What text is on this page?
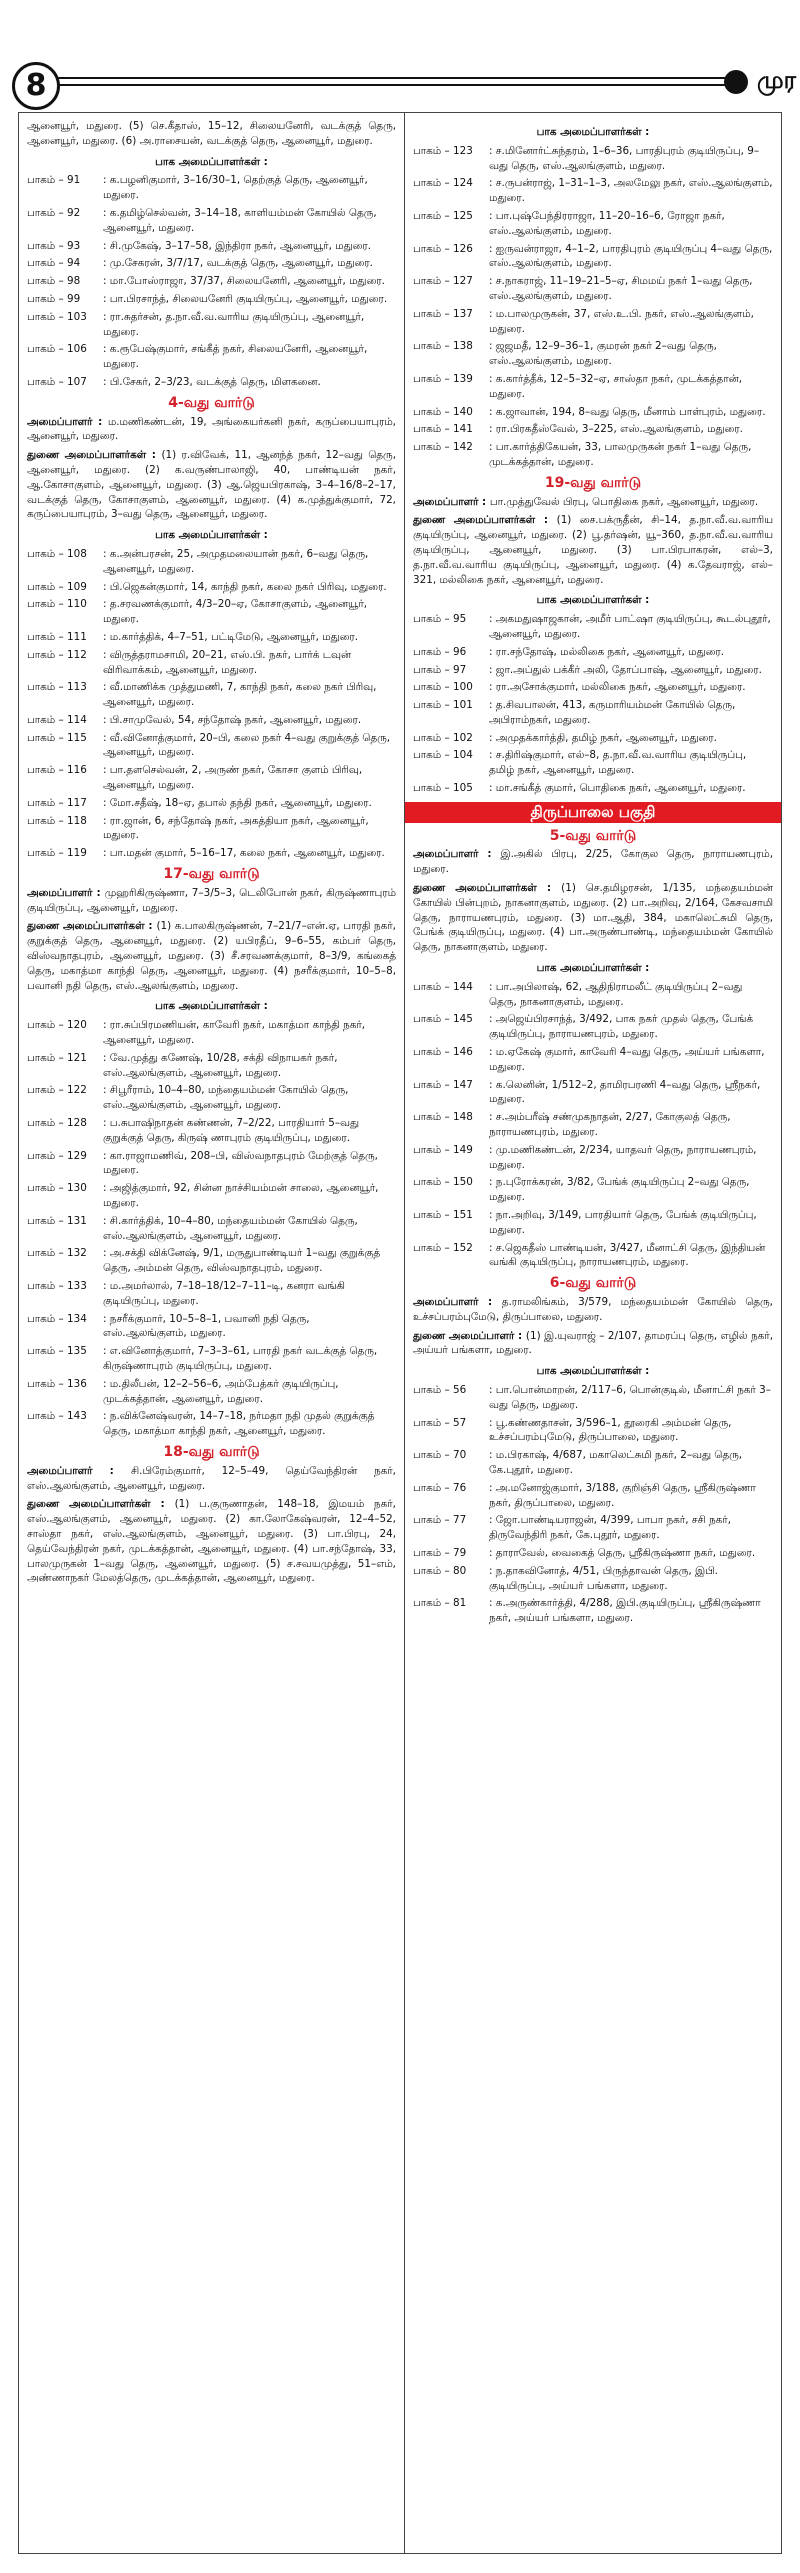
8	முர

ஆனையூர், மதுரை. (5) செ.கீதாஸ், 15–12, சிலையனேரி, வடக்குத் தெரு, ஆனையூர், மதுரை. (6) அ.ராசையன், வடக்குத் தெரு, ஆனையூர், மதுரை.

பாக அமைப்பாளர்கள் :
பாகம் – 91	: க.பழனிகுமார், 3–16/30–1, தெற்குத் தெரு, ஆனையூர், மதுரை.
பாகம் – 92	: க.தமிழ்செல்வன், 3–14–18, காளியம்மன் கோயில் தெரு, ஆனையூர், மதுரை.
பாகம் – 93	: சி.முகேஷ், 3–17–58, இந்திரா நகர், ஆனையூர், மதுரை.
பாகம் – 94	: மு.சேகரன், 3/7/17, வடக்குத் தெரு, ஆனையூர், மதுரை.
பாகம் – 98	: மா.போஸ்ராஜா, 37/37, சிலையனேரி, ஆனையூர், மதுரை.
பாகம் – 99	: பா.பிரசாந்த், சிலையனேரி குடியிருப்பு, ஆனையூர், மதுரை.
பாகம் – 103	: ரா.சுதர்சன், த.நா.வீ.வ.வாரிய குடியிருப்பு, ஆனையூர், மதுரை.
பாகம் – 106	: க.ரூபேஷ்குமார், சங்கீத் நகர், சிலையனேரி, ஆனையூர், மதுரை.
பாகம் – 107	: பி.சேகர், 2–3/23, வடக்குத் தெரு, மிளகனை.
4-வது வார்டு

அமைப்பாளர் : ம.மணிகண்டன், 19, அங்கையர்கனி நகர், கருப்பையாபுரம், ஆனையூர், மதுரை.

துணை அமைப்பாளர்கள் : (1) ர.விவேக், 11, ஆனந்த் நகர், 12–வது தெரு, ஆனையூர், மதுரை. (2) க.வருண்பாலாஜி, 40, பாண்டியன் நகர், ஆ.கோசாகுளம், ஆனையூர், மதுரை. (3) ஆ.ஜெயபிரகாஷ், 3–4–16/8–2–17, வடக்குத் தெரு, கோசாகுளம், ஆனையூர், மதுரை. (4) க.முத்துக்குமார், 72, கருப்பையாபுரம், 3–வது தெரு, ஆனையூர், மதுரை.

பாக அமைப்பாளர்கள் :
பாகம் – 108	: க.அன்பரசன், 25, அமுதமலையான் நகர், 6–வது தெரு, ஆனையூர், மதுரை.
பாகம் – 109	: பி.ஜெகன்குமார், 14, காந்தி நகர், கலை நகர் பிரிவு, மதுரை.
பாகம் – 110	: த.சரவணக்குமார், 4/3–20–ஏ, கோசாகுளம், ஆனையூர், மதுரை.
பாகம் – 111	: ம.கார்த்திக், 4–7–51, பட்டிமேடு, ஆனையூர், மதுரை.
பாகம் – 112	: விருத்தராமசாமி, 20–21, எஸ்.பி. நகர், பார்க் டவுன் விரிவாக்கம், ஆனையூர், மதுரை.
பாகம் – 113	: வீ.மாணிக்க முத்துமணி, 7, காந்தி நகர், கலை நகர் பிரிவு, ஆனையூர், மதுரை.
பாகம் – 114	: பி.சாமுவேல், 54, சந்தோஷ் நகர், ஆனையூர், மதுரை.
பாகம் – 115	: வீ.வினோத்குமார், 20–பி, கலை நகர் 4–வது குறுக்குத் தெரு, ஆனையூர், மதுரை.
பாகம் – 116	: பா.தளசெல்வன், 2, அருண் நகர், கோசா குளம் பிரிவு, ஆனையூர், மதுரை.
பாகம் – 117	: மோ.சதீஷ், 18–ஏ, தபால் தந்தி நகர், ஆனையூர், மதுரை.
பாகம் – 118	: ரா.ஜான், 6, சந்தோஷ் நகர், அகத்தியா நகர், ஆனையூர், மதுரை.
பாகம் – 119	: பா.மதன் குமார், 5–16–17, கலை நகர், ஆனையூர், மதுரை.
17-வது வார்டு

அமைப்பாளர் : முஹரிகிருஷ்ணா, 7–3/5–3, டெலிபோன் நகர், கிருஷ்ணாபுரம் குடியிருப்பு, ஆனையூர், மதுரை.

துணை அமைப்பாளர்கள் : (1) க.பாலகிருஷ்ணன், 7–21/7–என்.ஏ, பாரதி நகர், குறுக்குத் தெரு, ஆனையூர், மதுரை. (2) யபிரதீப், 9–6–55, கம்பர் தெரு, விஸ்வநாதபுரம், ஆனையூர், மதுரை. (3) சீ.சரவணக்குமார், 8–3/9, கங்கைத் தெரு, மகாத்மா காந்தி தெரு, ஆனையூர், மதுரை. (4) நசரீக்குமார், 10–5–8, பவானி நதி தெரு, எஸ்.ஆலங்குளம், மதுரை.

பாக அமைப்பாளர்கள் :
பாகம் – 120	: ரா.சுப்பிரமணியன், காவேரி நகர், மகாத்மா காந்தி நகர், ஆனையூர், மதுரை.
பாகம் – 121	: வே.முத்து கணேஷ், 10/28, சக்தி விநாயகர் நகர், எஸ்.ஆலங்குளம், ஆனையூர், மதுரை.
பாகம் – 122	: சிபூரீராம், 10–4–80, மந்தையம்மன் கோயில் தெரு, எஸ்.ஆலங்குளம், ஆனையூர், மதுரை.
பாகம் – 128	: ப.சுபாஷிநாதன் கண்ணன், 7–2/22, பாரதியார் 5–வது குறுக்குத் தெரு, கிருஷ் ணாபுரம் குடியிருப்பு, மதுரை.
பாகம் – 129	: கா.ராஜாமணிவ், 208–பி, விஸ்வநாதபுரம் மேற்குத் தெரு, மதுரை.
பாகம் – 130	: அஜித்குமார், 92, சின்ன நாச்சியம்மன் சாலை, ஆனையூர், மதுரை.
பாகம் – 131	: சி.கார்த்திக், 10–4–80, மந்தையம்மன் கோயில் தெரு, எஸ்.ஆலங்குளம், ஆனையூர், மதுரை.
பாகம் – 132	: அ.சக்தி விக்னேஷ், 9/1, மருதுபாண்டியர் 1–வது குறுக்குத் தெரு, அம்மன் தெரு, விஸ்வநாதபுரம், மதுரை.
பாகம் – 133	: ம.அமர்லால், 7–18–18/12–7–11–டி, கனரா வங்கி குடியிருப்பு, மதுரை.
பாகம் – 134	: நசரீக்குமார், 10–5–8–1, பவானி நதி தெரு, எஸ்.ஆலங்குளம், மதுரை.
பாகம் – 135	: எ.வினோத்குமார், 7–3–3–61, பாரதி நகர் வடக்குத் தெரு, கிருஷ்ணாபுரம் குடியிருப்பு, மதுரை.
பாகம் – 136	: ம.திலீபன், 12–2–56–6, அம்பேத்கர் குடியிருப்பு, முடக்கத்தான், ஆனையூர், மதுரை.
பாகம் – 143	: ந.விக்னேஷ்வரன், 14–7–18, நர்மதா நதி முதல் குறுக்குத் தெரு, மகாத்மா காந்தி நகர், ஆனையூர், மதுரை.
18-வது வார்டு

அமைப்பாளர் : சி.பிரேம்குமார், 12–5–49, தெய்வேந்திரன் நகர், எஸ்.ஆலங்குளம், ஆனையூர், மதுரை.

துணை அமைப்பாளர்கள் : (1) ப.குருணாதன், 148–18, இமயம் நகர், எஸ்.ஆலங்குளம், ஆனையூர், மதுரை. (2) கா.லோகேஷ்வரன், 12–4–52, சாஸ்தா நகர், எஸ்.ஆலங்குளம், ஆனையூர், மதுரை. (3) பா.பிரபு, 24, தெய்வேந்திரன் நகர், முடக்கத்தான், ஆனையூர், மதுரை. (4) பா.சந்தோஷ், 33, பாலமுருகன் 1–வது தெரு, ஆனையூர், மதுரை. (5) ச.சவயமுத்து, 51–எம், அண்ணாநகர் மேலத்தெரு, முடக்கத்தான், ஆனையூர், மதுரை.

பாக அமைப்பாளர்கள் :
பாகம் – 123	: ச.மினோர்ட்சுந்தரம், 1–6–36, பாரதிபுரம் குடியிருப்பு, 9–வது தெரு, எஸ்.ஆலங்குளம், மதுரை.
பாகம் – 124	: ச.ருபன்ராஜ், 1–31–1–3, அலமேலு நகர், எஸ்.ஆலங்குளம், மதுரை.
பாகம் – 125	: பா.புஷ்பேந்திரராஜா, 11–20–16–6, ரோஜா நகர், எஸ்.ஆலங்குளம், மதுரை.
பாகம் – 126	: ஐருவன்ராஜா, 4–1–2, பாரதிபுரம் குடியிருப்பு 4–வது தெரு, எஸ்.ஆலங்குளம், மதுரை.
பாகம் – 127	: ச.நாகராஜ், 11–19–21–5–ஏ, சிமமய் நகர் 1–வது தெரு, எஸ்.ஆலங்குளம், மதுரை.
பாகம் – 137	: ம.பாலமுருகன், 37, எஸ்.உ.பி. நகர், எஸ்.ஆலங்குளம், மதுரை.
பாகம் – 138	: ஜஜமதீ, 12–9–36–1, குமரன் நகர் 2–வது தெரு, எஸ்.ஆலங்குளம், மதுரை.
பாகம் – 139	: க.கார்த்தீக், 12–5–32–ஏ, சாஸ்தா நகர், முடக்கத்தான், மதுரை.
பாகம் – 140	: க.ஜாவான், 194, 8–வது தெரு, மீனாம் பாள்புரம், மதுரை.
பாகம் – 141	: ரா.பிரகதீஸ்வேல், 3–225, எஸ்.ஆலங்குளம், மதுரை.
பாகம் – 142	: பா.கார்த்திகேயன், 33, பாலமுருகன் நகர் 1–வது தெரு, முடக்கத்தான், மதுரை.
19-வது வார்டு

அமைப்பாளர் : பா.முத்துவேல் பிரபு, பொதிகை நகர், ஆனையூர், மதுரை.

துணை அமைப்பாளர்கள் : (1) சை.பக்ருதீன், சி–14, த.நா.வீ.வ.வாரிய குடியிருப்பு, ஆனையூர், மதுரை. (2) பூ.தர்ஷன், யூ–360, த.நா.வீ.வ.வாரிய குடியிருப்பு, ஆனையூர், மதுரை. (3) பா.பிரபாகரன், எல்–3, த.நா.வீ.வ.வாரிய குடியிருப்பு, ஆனையூர், மதுரை. (4) க.தேவராஜ், எல்–321, மல்லிகை நகர், ஆனையூர், மதுரை.

பாக அமைப்பாளர்கள் :
பாகம் – 95	: அகமதுஷாஜகான், அமீர் பாட்ஷா குடியிருப்பு, கூடல்புதூர், ஆனையூர், மதுரை.
பாகம் – 96	: ரா.சந்தோஷ், மல்லிகை நகர், ஆனையூர், மதுரை.
பாகம் – 97	: ஜா.அப்துல் பக்கீர் அலி, தோப்பாஷ், ஆனையூர், மதுரை.
பாகம் – 100	: ரா.அசோக்குமார், மல்லிகை நகர், ஆனையூர், மதுரை.
பாகம் – 101	: த.சிவபாலன், 413, கருமாரியம்மன் கோயில் தெரு, அபிராம்நகர், மதுரை.
பாகம் – 102	: அமுதக்கார்த்தி, தமிழ் நகர், ஆனையூர், மதுரை.
பாகம் – 104	: ச.திரிஷ்குமார், எல்–8, த.நா.வீ.வ.வாரிய குடியிருப்பு, தமிழ் நகர், ஆனையூர், மதுரை.
பாகம் – 105	: மா.சங்கீத் குமார், பொதிகை நகர், ஆனையூர், மதுரை.
திருப்பாலை பகுதி
5-வது வார்டு

அமைப்பாளர் : இ.அகில் பிரபு, 2/25, கோகுல தெரு, நாராயணபுரம், மதுரை.

துணை அமைப்பாளர்கள் : (1) செ.தமிழரசன், 1/135, மந்தையம்மன் கோயில் பின்புறம், நாகனாகுளம், மதுரை. (2) பா.அறிவு, 2/164, கேசவசாமி தெரு, நாராயணபுரம், மதுரை. (3) மா.ஆதி, 384, மகாலெட்சுமி தெரு, பேங்க் குடியிருப்பு, மதுரை. (4) பா.அருண்பாண்டி, மந்தையம்மன் கோயில் தெரு, நாகனாகுளம், மதுரை.

பாக அமைப்பாளர்கள் :
பாகம் – 144	: பா.அபிலாஷ், 62, ஆதிநிராமலீட் குடியிருப்பு 2–வது தெரு, நாகனாகுளம், மதுரை.
பாகம் – 145	: அஜெய்பிரசாந்த், 3/492, பாக நகர் முதல் தெரு, பேங்க் குடியிருப்பு, நாராயணபுரம், மதுரை.
பாகம் – 146	: ம.ஏகேஷ் குமார், காவேரி 4–வது தெரு, அய்யர் பங்களா, மதுரை.
பாகம் – 147	: க.லெனின், 1/512–2, தாமிரபரணி 4–வது தெரு, ஸ்ரீநகர், மதுரை.
பாகம் – 148	: ச.அம்பரீஷ் சண்முகநாதன், 2/27, கோகுலத் தெரு, நாராயணபுரம், மதுரை.
பாகம் – 149	: மு.மணிகண்டன், 2/234, யாதவர் தெரு, நாராயணபுரம், மதுரை.
பாகம் – 150	: ந.புரோக்கரன், 3/82, பேங்க் குடியிருப்பு 2–வது தெரு, மதுரை.
பாகம் – 151	: நா.அறிவு, 3/149, பாரதியார் தெரு, பேங்க் குடியிருப்பு, மதுரை.
பாகம் – 152	: ச.ஜெகதீஸ் பாண்டியன், 3/427, மீனாட்சி தெரு, இந்தியன் வங்கி குடியிருப்பு, நாராயணபுரம், மதுரை.
6-வது வார்டு

அமைப்பாளர் : த.ராமலிங்கம், 3/579, மந்தையம்மன் கோயில் தெரு, உச்சப்பரம்புமேடு, திருப்பாலை, மதுரை.

துணை அமைப்பாளர் : (1) இ.யுவராஜ் – 2/107, தாமரப்பு தெரு, எழில் நகர், அய்யர் பங்களா, மதுரை.

பாக அமைப்பாளர்கள் :
பாகம் – 56	: பா.பொன்மாறன், 2/117–6, பொன்குடில், மீனாட்சி நகர் 3–வது தெரு, மதுரை.
பாகம் – 57	: பூ.கண்ணதாசன், 3/596–1, தூரைகி அம்மன் தெரு, உச்சப்பரம்புமேடு, திருப்பாலை, மதுரை.
பாகம் – 70	: ம.பிரகாஷ், 4/687, மகாலெட்சுமி நகர், 2–வது தெரு, கே.புதூர், மதுரை.
பாகம் – 76	: அ.மனோஜ்குமார், 3/188, குறிஞ்சி தெரு, ஸ்ரீகிருஷ்ணா நகர், திருப்பாலை, மதுரை.
பாகம் – 77	: ஜோ.பாண்டியராஜன், 4/399, பாபா நகர், சசி நகர், திருவேந்திரி நகர், கே.புதூர், மதுரை.
பாகம் – 79	: தாராவேல், வைகைத் தெரு, ஸ்ரீகிருஷ்ணா நகர், மதுரை.
பாகம் – 80	: ந.தாகவினோத், 4/51, பிருந்தாவன் தெரு, இபி. குடியிருப்பு, அய்யர் பங்களா, மதுரை.
பாகம் – 81	: க.அருண்கார்த்தி, 4/288, இபி.குடியிருப்பு, ஸ்ரீகிருஷ்ணா நகர், அய்யர் பங்களா, மதுரை.
